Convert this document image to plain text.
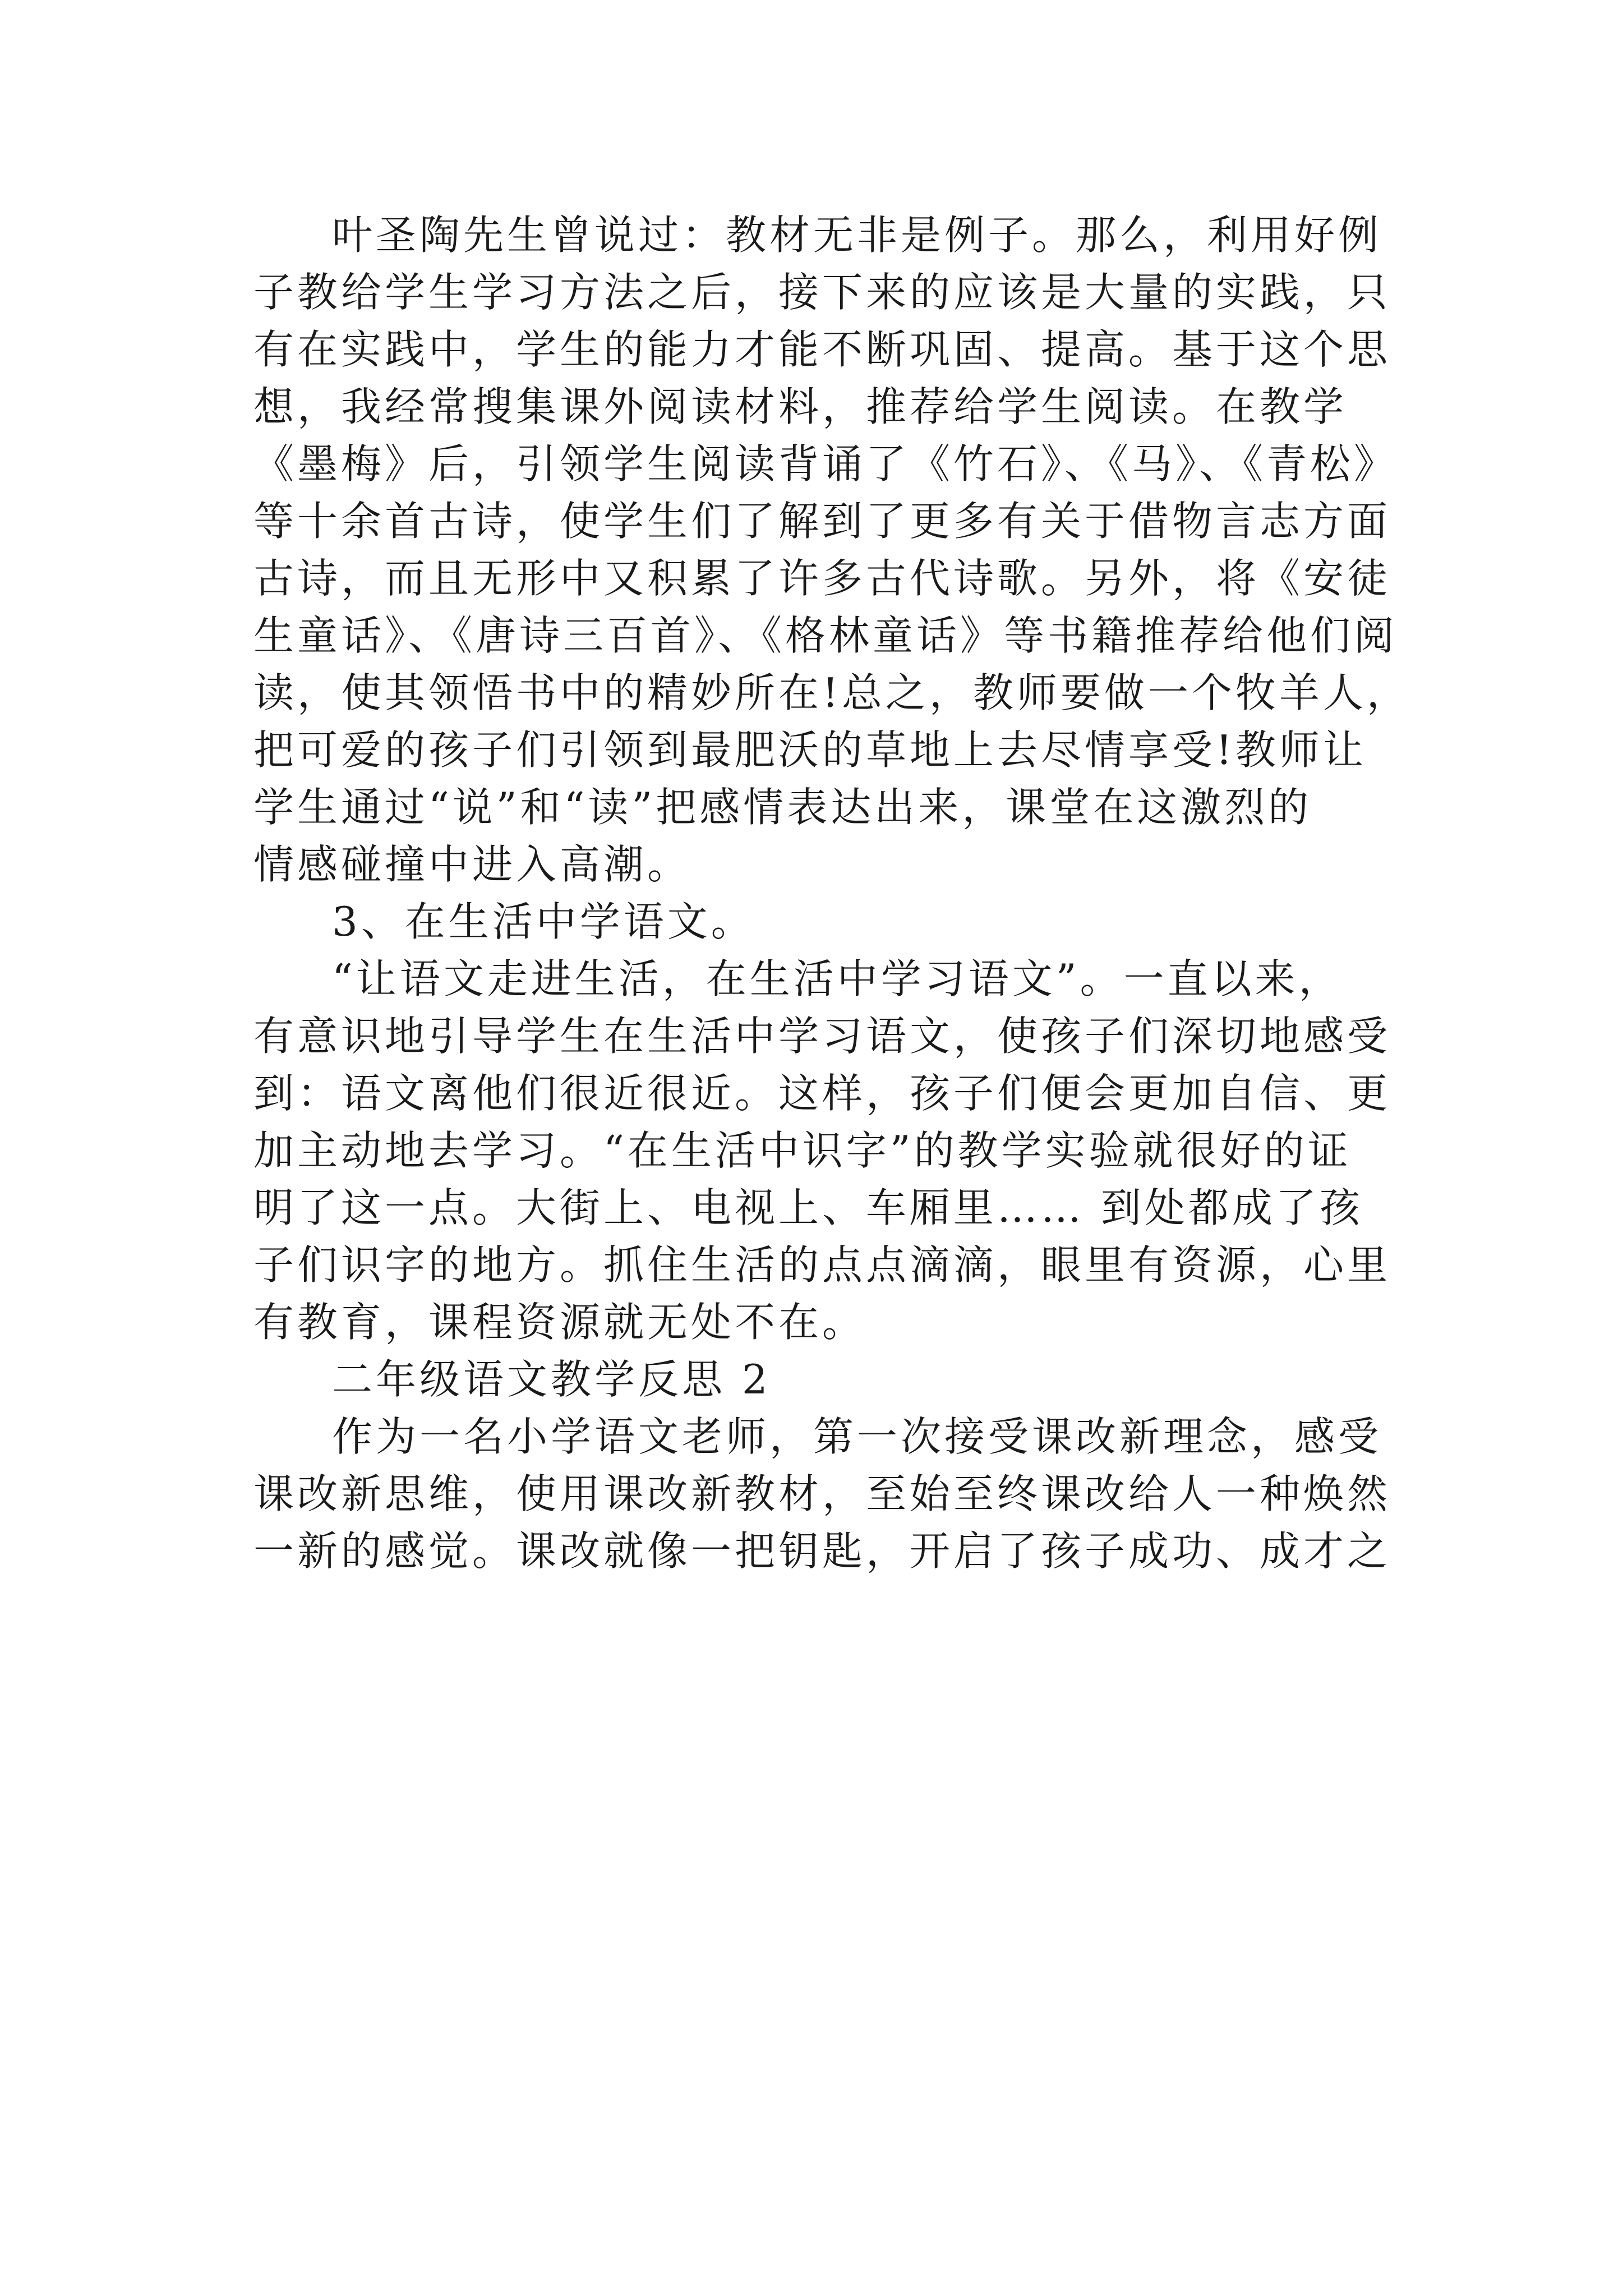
叶圣陶先生曾说过：教材无非是例子。那么，利用好例
子教给学生学习方法之后，接下来的应该是大量的实践，只
有在实践中，学生的能力才能不断巩固、提高。基于这个思
想，我经常搜集课外阅读材料，推荐给学生阅读。在教学
《墨梅》后，引领学生阅读背诵了《竹石》、《马》、《青松》
等十余首古诗，使学生们了解到了更多有关于借物言志方面
古诗，而且无形中又积累了许多古代诗歌。另外，将《安徒
生童话》、《唐诗三百首》、《格林童话》等书籍推荐给他们阅
读，使其领悟书中的精妙所在!总之，教师要做一个牧羊人，
把可爱的孩子们引领到最肥沃的草地上去尽情享受!教师让
学生通过“说”和“读”把感情表达出来，课堂在这激烈的
情感碰撞中进入高潮。
3、在生活中学语文。
“让语文走进生活，在生活中学习语文”。一直以来，
有意识地引导学生在生活中学习语文，使孩子们深切地感受
到：语文离他们很近很近。这样，孩子们便会更加自信、更
加主动地去学习。“在生活中识字”的教学实验就很好的证
明了这一点。大街上、电视上、车厢里…… 到处都成了孩
子们识字的地方。抓住生活的点点滴滴，眼里有资源，心里
有教育，课程资源就无处不在。
二年级语文教学反思 2
作为一名小学语文老师，第一次接受课改新理念，感受
课改新思维，使用课改新教材，至始至终课改给人一种焕然
一新的感觉。课改就像一把钥匙，开启了孩子成功、成才之
